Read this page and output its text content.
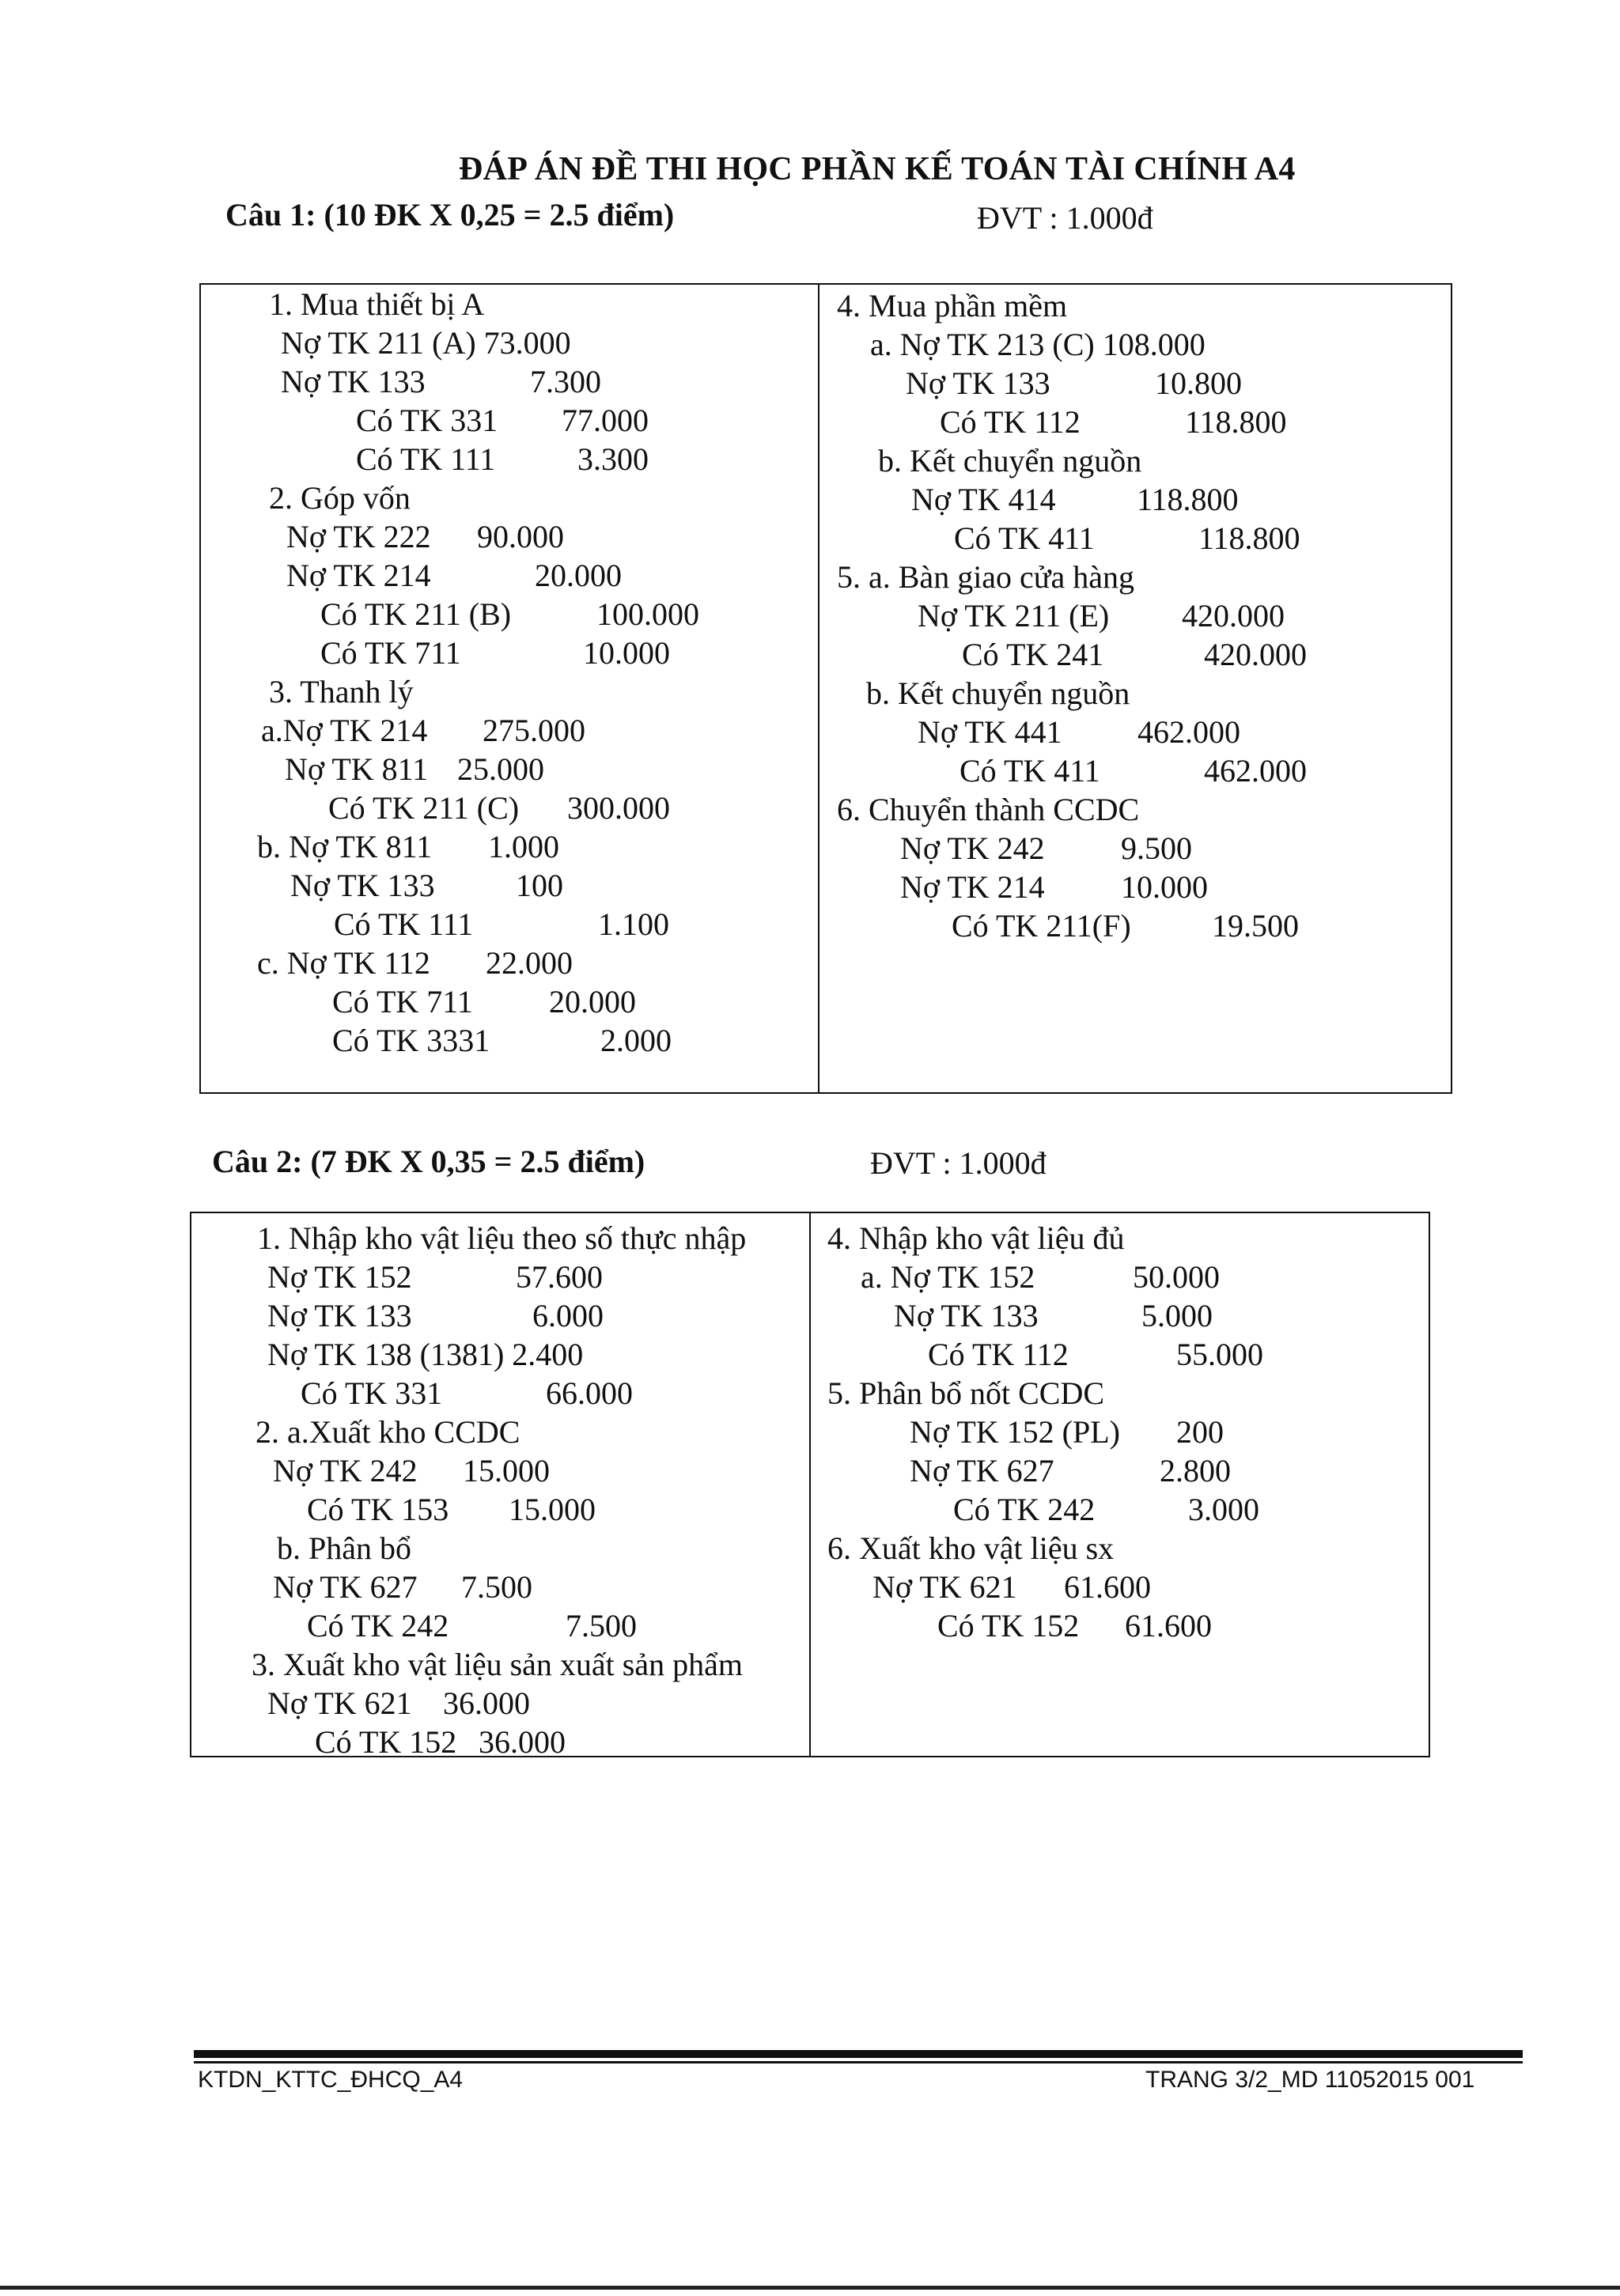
ĐÁP ÁN ĐỀ THI HỌC PHẦN KẾ TOÁN TÀI CHÍNH A4
Câu 1: (10 ĐK X 0,25 = 2.5 điểm)	ĐVT : 1.000đ
1. Mua thiết bị A
Nợ TK 211 (A) 73.000
Nợ TK 133	7.300
Có TK 331 77.000
Có TK 111	3.300
2. Góp vốn
Nợ TK 222 90.000
Nợ TK 214	20.000
Có TK 211 (B)	100.000
Có TK 711	10.000
3. Thanh lý
a.Nợ TK 214 275.000
Nợ TK 811 25.000
Có TK 211 (C) 300.000
b. Nợ TK 811 1.000
Nợ TK 133	100
Có TK 111	1.100
c. Nợ TK 112 22.000
Có TK 711 20.000
Có TK 3331	2.000
4. Mua phần mềm
a. Nợ TK 213 (C) 108.000
Nợ TK 133	10.800
Có TK 112	118.800
b. Kết chuyển nguồn
Nợ TK 414	118.800
Có TK 411	118.800
5. a. Bàn giao cửa hàng
Nợ TK 211 (E) 420.000
Có TK 241	420.000
b. Kết chuyển nguồn
Nợ TK 441 462.000
Có TK 411	462.000
6. Chuyển thành CCDC
Nợ TK 242 9.500
Nợ TK 214 10.000
Có TK 211(F)	19.500
Câu 2: (7 ĐK X 0,35 = 2.5 điểm)	ĐVT : 1.000đ
1. Nhập kho vật liệu theo số thực nhập
Nợ TK 152	57.600
Nợ TK 133	6.000
Nợ TK 138 (1381) 2.400
Có TK 331	66.000
2. a.Xuất kho CCDC
Nợ TK 242 15.000
Có TK 153 15.000
b. Phân bổ
Nợ TK 627 7.500
Có TK 242	7.500
3. Xuất kho vật liệu sản xuất sản phẩm
Nợ TK 621 36.000
Có TK 152 36.000
4. Nhập kho vật liệu đủ
a. Nợ TK 152	50.000
Nợ TK 133	5.000
Có TK 112	55.000
5. Phân bổ nốt CCDC
Nợ TK 152 (PL) 200
Nợ TK 627	2.800
Có TK 242	3.000
6. Xuất kho vật liệu sx
Nợ TK 621 61.600
Có TK 152 61.600
KTDN_KTTC_ĐHCQ_A4	TRANG 3/2_MD 11052015 001
